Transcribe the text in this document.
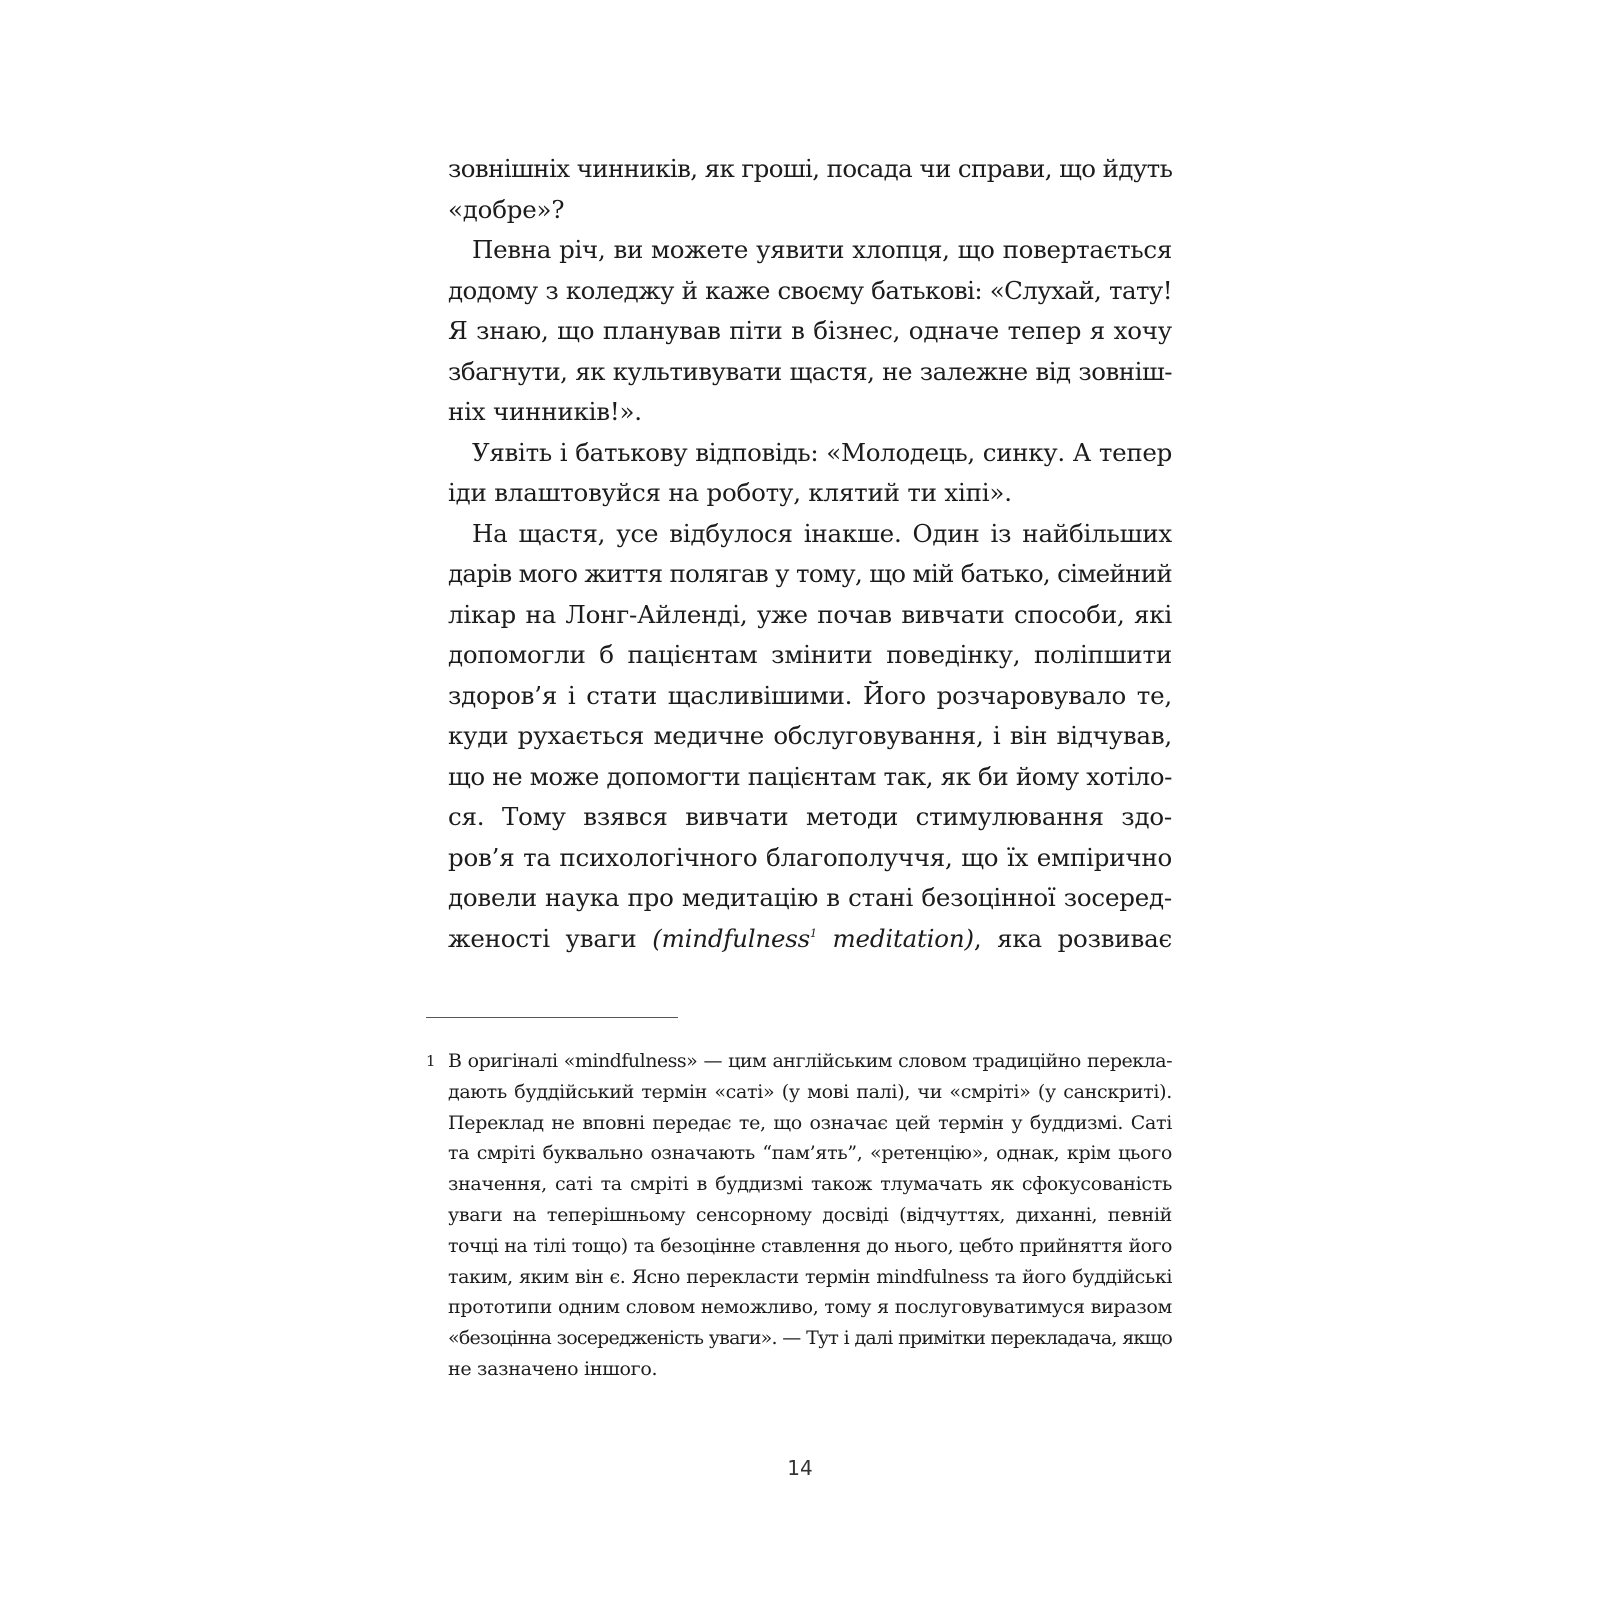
зовнішніх чинників, як гроші, посада чи справи, що йдуть
«добре»?
Певна річ, ви можете уявити хлопця, що повертається
додому з коледжу й каже своєму батькові: «Слухай, тату!
Я знаю, що планував піти в бізнес, одначе тепер я хочу
збагнути, як культивувати щастя, не залежне від зовніш-
ніх чинників!».
Уявіть і батькову відповідь: «Молодець, синку. А тепер
іди влаштовуйся на роботу, клятий ти хіпі».
На щастя, усе відбулося інакше. Один із найбільших
дарів мого життя полягав у тому, що мій батько, сімейний
лікар на Лонг-Айленді, уже почав вивчати способи, які
допомогли б пацієнтам змінити поведінку, поліпшити
здоров’я і стати щасливішими. Його розчаровувало те,
куди рухається медичне обслуговування, і він відчував,
що не може допомогти пацієнтам так, як би йому хотіло-
ся. Тому взявся вивчати методи стимулювання здо-
ров’я та психологічного благополуччя, що їх емпірично
довели наука про медитацію в стані безоцінної зосеред-
женості уваги (mindfulness$^1$ meditation), яка розвиває
1 В оригіналі «mindfulness» — цим англійським словом традиційно перекла-
дають буддійський термін «саті» (у мові палі), чи «смріті» (у санскриті).
Переклад не вповні передає те, що означає цей термін у буддизмі. Саті
та смріті буквально означають “пам’ять”, «ретенцію», однак, крім цього
значення, саті та смріті в буддизмі також тлумачать як сфокусованість
уваги на теперішньому сенсорному досвіді (відчуттях, диханні, певній
точці на тілі тощо) та безоцінне ставлення до нього, цебто прийняття його
таким, яким він є. Ясно перекласти термін mindfulness та його буддійські
прототипи одним словом неможливо, тому я послуговуватимуся виразом
«безоцінна зосередженість уваги». — Тут і далі примітки перекладача, якщо
не зазначено іншого.
14
